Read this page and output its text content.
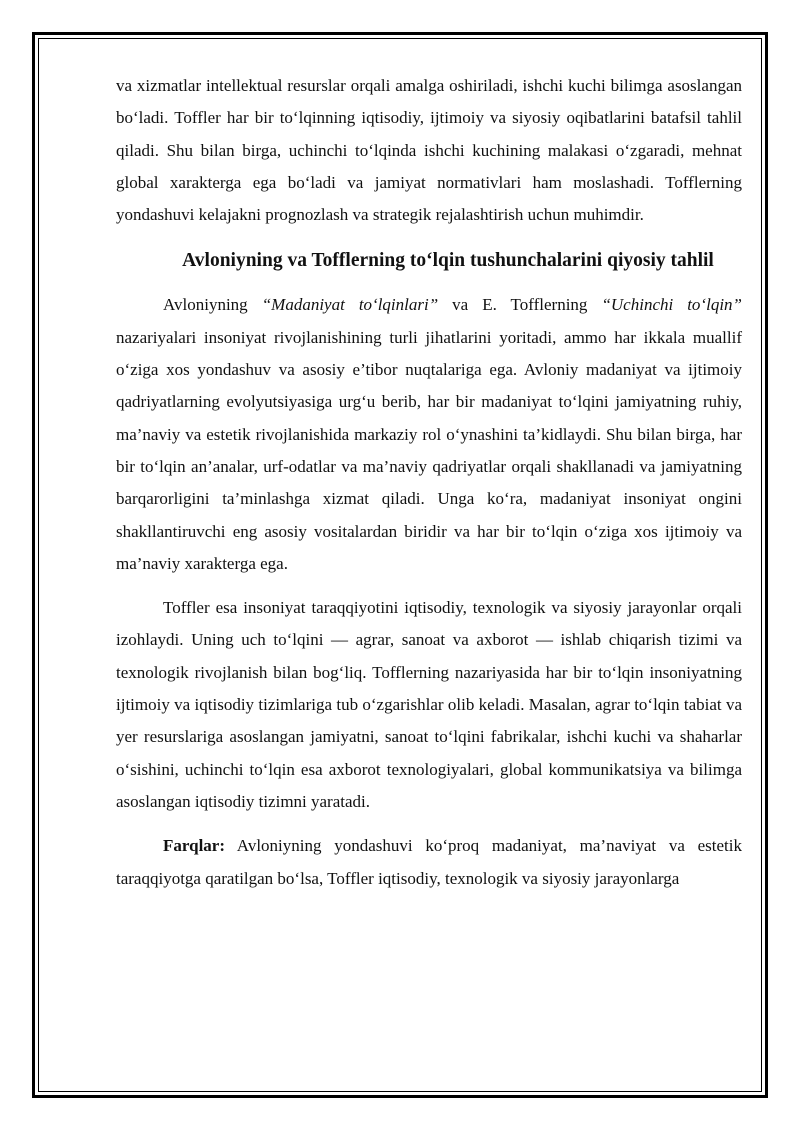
va xizmatlar intellektual resurslar orqali amalga oshiriladi, ishchi kuchi bilimga asoslangan bo‘ladi. Toffler har bir to‘lqinning iqtisodiy, ijtimoiy va siyosiy oqibatlarini batafsil tahlil qiladi. Shu bilan birga, uchinchi to‘lqinda ishchi kuchining malakasi o‘zgaradi, mehnat global xarakterga ega bo‘ladi va jamiyat normativlari ham moslashadi. Tofflerning yondashuvi kelajakni prognozlash va strategik rejalashtirish uchun muhimdir.

Avloniyning va Tofflerning to‘lqin tushunchalarini qiyosiy tahlil

Avloniyning “Madaniyat to‘lqinlari” va E. Tofflerning “Uchinchi to‘lqin” nazariyalari insoniyat rivojlanishining turli jihatlarini yoritadi, ammo har ikkala muallif o‘ziga xos yondashuv va asosiy e’tibor nuqtalariga ega. Avloniy madaniyat va ijtimoiy qadriyatlarning evolyutsiyasiga urg‘u berib, har bir madaniyat to‘lqini jamiyatning ruhiy, ma’naviy va estetik rivojlanishida markaziy rol o‘ynashini ta’kidlaydi. Shu bilan birga, har bir to‘lqin an’analar, urf-odatlar va ma’naviy qadriyatlar orqali shakllanadi va jamiyatning barqarorligini ta’minlashga xizmat qiladi. Unga ko‘ra, madaniyat insoniyat ongini shakllantiruvchi eng asosiy vositalardan biridir va har bir to‘lqin o‘ziga xos ijtimoiy va ma’naviy xarakterga ega.

Toffler esa insoniyat taraqqiyotini iqtisodiy, texnologik va siyosiy jarayonlar orqali izohlaydi. Uning uch to‘lqini — agrar, sanoat va axborot — ishlab chiqarish tizimi va texnologik rivojlanish bilan bog‘liq. Tofflerning nazariyasida har bir to‘lqin insoniyatning ijtimoiy va iqtisodiy tizimlariga tub o‘zgarishlar olib keladi. Masalan, agrar to‘lqin tabiat va yer resurslariga asoslangan jamiyatni, sanoat to‘lqini fabrikalar, ishchi kuchi va shaharlar o‘sishini, uchinchi to‘lqin esa axborot texnologiyalari, global kommunikatsiya va bilimga asoslangan iqtisodiy tizimni yaratadi.

Farqlar: Avloniyning yondashuvi ko‘proq madaniyat, ma’naviyat va estetik taraqqiyotga qaratilgan bo‘lsa, Toffler iqtisodiy, texnologik va siyosiy jarayonlarga
